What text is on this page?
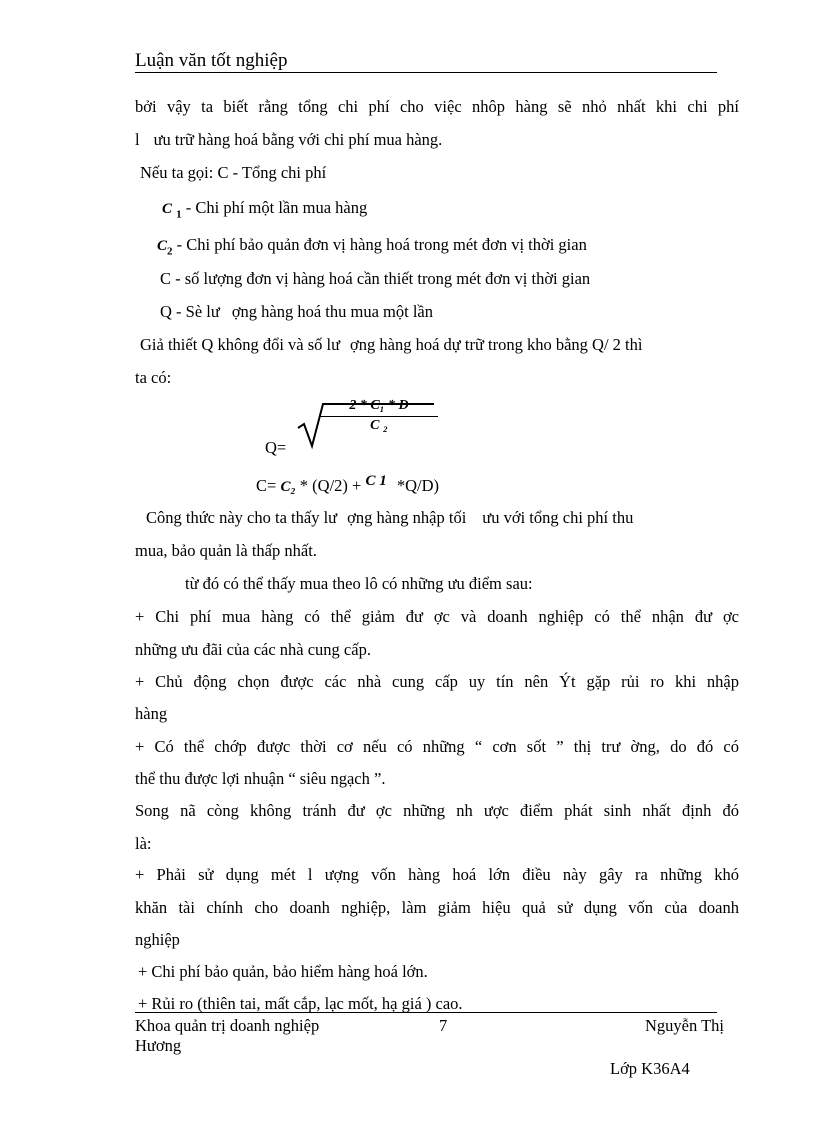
Luận văn tốt nghiệp
bởi vậy ta biết rằng tổng chi phí cho việc nhôp hàng sẽ nhỏ nhất khi chi phí
l ưu trữ hàng hoá bằng với chi phí mua hàng.
Nếu ta gọi: C - Tổng chi phí
C $_1$ - Chi phí một lần mua hàng
$C_2$ - Chi phí bảo quản đơn vị hàng hoá trong mét đơn vị thời gian
C - số lượng đơn vị hàng hoá cần thiết trong mét đơn vị thời gian
Q - Sè lư ợng hàng hoá thu mua một lần
Giả thiết Q không đổi và số lư ợng hàng hoá dự trữ trong kho bằng Q/ 2 thì
ta có:
Q=
$\frac{\text{2 * C₁ * D}}{\text{C ₂}}$
C= C₂ * (Q/2) + C 1 *Q/D)
Công thức này cho ta thấy lư ợng hàng nhập tối ưu với tổng chi phí thu
mua, bảo quản là thấp nhất.
từ đó có thể thấy mua theo lô có những ưu điểm sau:
+ Chi phí mua hàng có thể giảm đư ợc và doanh nghiệp có thể nhận đư ợc
những ưu đãi của các nhà cung cấp.
+ Chủ động chọn được các nhà cung cấp uy tín nên Ýt gặp rủi ro khi nhập
hàng
+ Có thể chớp được thời cơ nếu có những “ cơn sốt ” thị trư ờng, do đó có
thể thu được lợi nhuận “ siêu ngạch ”.
Song nã còng không tránh đư ợc những nh ược điểm phát sinh nhất định đó
là:
+ Phải sử dụng mét l ượng vốn hàng hoá lớn điều này gây ra những khó
khăn tài chính cho doanh nghiệp, làm giảm hiệu quả sử dụng vốn của doanh
nghiệp
+ Chi phí bảo quản, bảo hiểm hàng hoá lớn.
+ Rủi ro (thiên tai, mất cắp, lạc mốt, hạ giá ) cao.
Khoa quản trị doanh nghiệp	7	Nguyễn Thị
Hương
Lớp K36A4
